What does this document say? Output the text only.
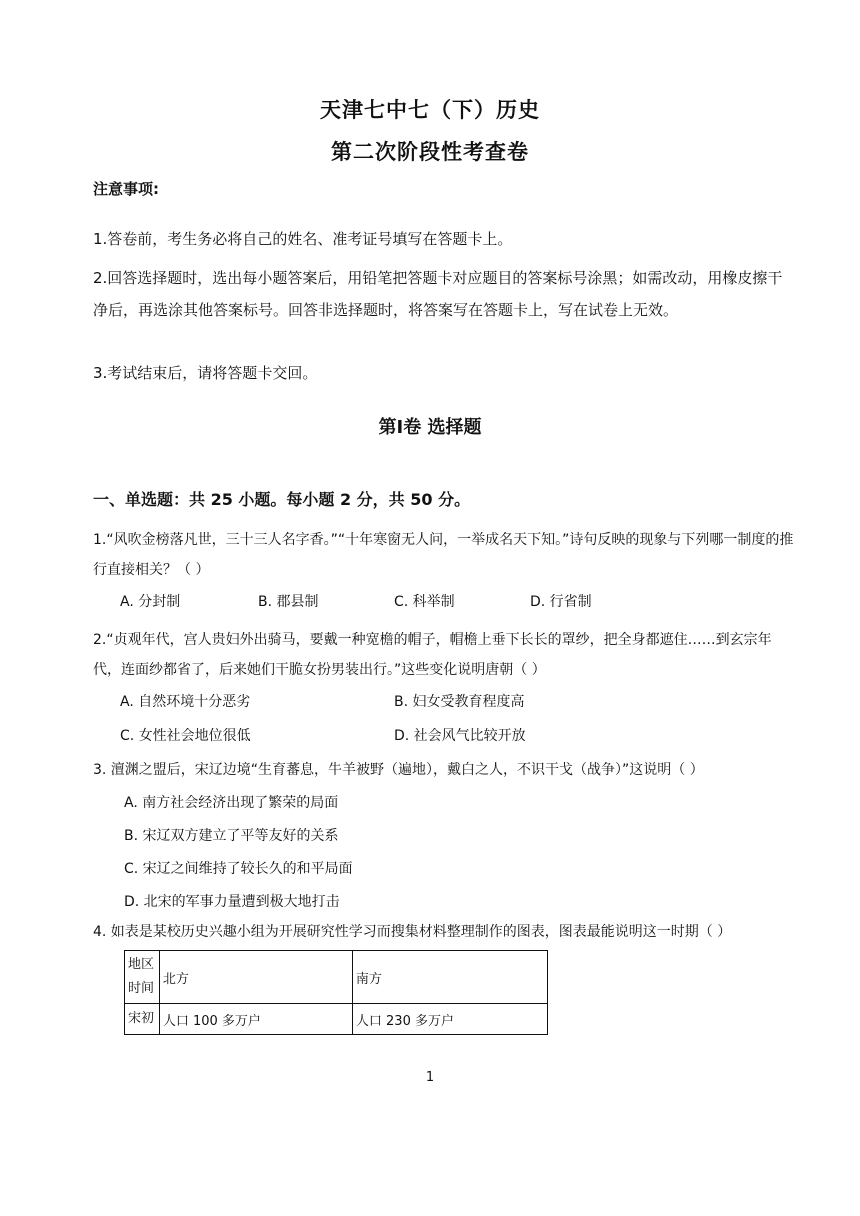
天津七中七（下）历史
第二次阶段性考查卷
注意事项:
1.答卷前，考生务必将自己的姓名、准考证号填写在答题卡上。
2.回答选择题时，选出每小题答案后，用铅笔把答题卡对应题目的答案标号涂黑；如需改动，用橡皮擦干净后，再选涂其他答案标号。回答非选择题时，将答案写在答题卡上，写在试卷上无效。
3.考试结束后，请将答题卡交回。
第Ⅰ卷 选择题
一、单选题：共 25 小题。每小题 2 分，共 50 分。
1.“风吹金榜落凡世，三十三人名字香。”“十年寒窗无人问，一举成名天下知。”诗句反映的现象与下列哪一制度的推行直接相关？（ ）
A. 分封制	B. 郡县制	C. 科举制	D. 行省制
2.“贞观年代，宫人贵妇外出骑马，要戴一种宽檐的帽子，帽檐上垂下长长的罩纱，把全身都遮住……到玄宗年代，连面纱都省了，后来她们干脆女扮男装出行。”这些变化说明唐朝（ ）
A. 自然环境十分恶劣	B. 妇女受教育程度高
C. 女性社会地位很低	D. 社会风气比较开放
3. 澶渊之盟后，宋辽边境“生育蕃息，牛羊被野（遍地），戴白之人，不识干戈（战争）”这说明（ ）
A. 南方社会经济出现了繁荣的局面
B. 宋辽双方建立了平等友好的关系
C. 宋辽之间维持了较长久的和平局面
D. 北宋的军事力量遭到极大地打击
4. 如表是某校历史兴趣小组为开展研究性学习而搜集材料整理制作的图表，图表最能说明这一时期（ ）
地区
时间	北方	南方
宋初	人口 100 多万户	人口 230 多万户
1
